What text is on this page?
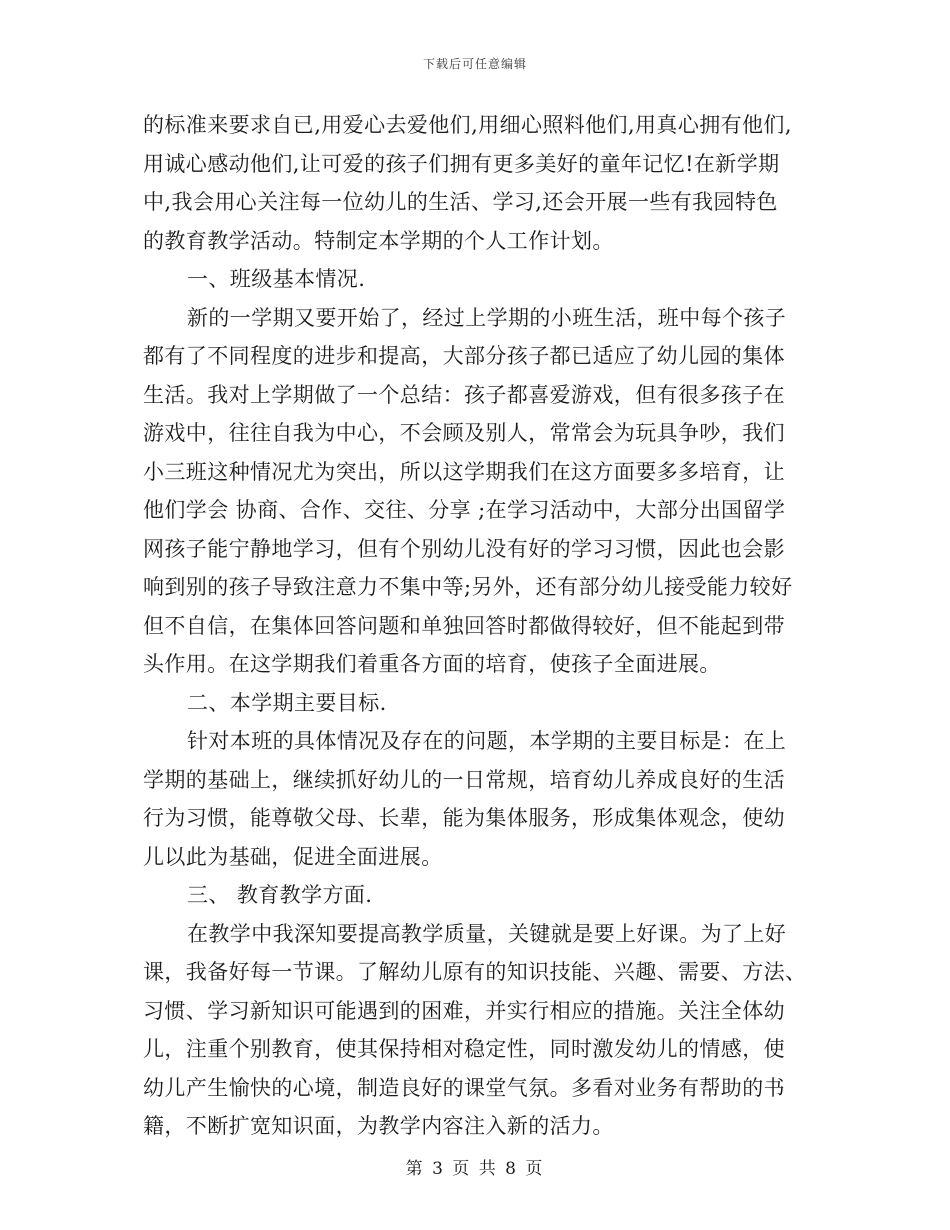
下载后可任意编辑
的标准来要求自已,用爱心去爱他们,用细心照料他们,用真心拥有他们,
用诚心感动他们,让可爱的孩子们拥有更多美好的童年记忆!在新学期
中,我会用心关注每一位幼儿的生活、学习,还会开展一些有我园特色
的教育教学活动。特制定本学期的个人工作计划。
一、班级基本情况.
新的一学期又要开始了，经过上学期的小班生活，班中每个孩子
都有了不同程度的进步和提高，大部分孩子都已适应了幼儿园的集体
生活。我对上学期做了一个总结：孩子都喜爱游戏，但有很多孩子在
游戏中，往往自我为中心，不会顾及别人，常常会为玩具争吵，我们
小三班这种情况尤为突出，所以这学期我们在这方面要多多培育，让
他们学会 协商、合作、交往、分享 ;在学习活动中，大部分出国留学
网孩子能宁静地学习，但有个别幼儿没有好的学习习惯，因此也会影
响到别的孩子导致注意力不集中等;另外，还有部分幼儿接受能力较好
但不自信，在集体回答问题和单独回答时都做得较好，但不能起到带
头作用。在这学期我们着重各方面的培育，使孩子全面进展。
二、本学期主要目标.
针对本班的具体情况及存在的问题，本学期的主要目标是：在上
学期的基础上，继续抓好幼儿的一日常规，培育幼儿养成良好的生活
行为习惯，能尊敬父母、长辈，能为集体服务，形成集体观念，使幼
儿以此为基础，促进全面进展。
三、 教育教学方面.
在教学中我深知要提高教学质量，关键就是要上好课。为了上好
课，我备好每一节课。了解幼儿原有的知识技能、兴趣、需要、方法、
习惯、学习新知识可能遇到的困难，并实行相应的措施。关注全体幼
儿，注重个别教育，使其保持相对稳定性，同时激发幼儿的情感，使
幼儿产生愉快的心境，制造良好的课堂气氛。多看对业务有帮助的书
籍，不断扩宽知识面，为教学内容注入新的活力。
第 3 页 共 8 页
